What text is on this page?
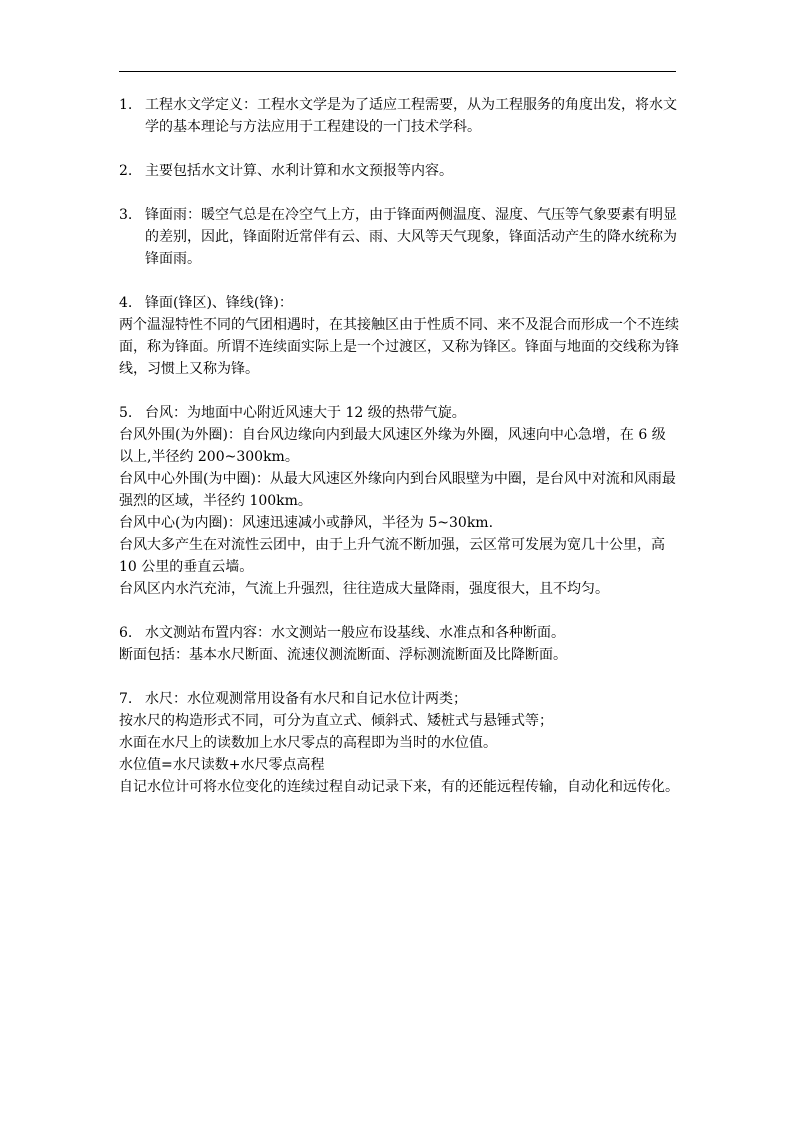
1. 工程水文学定义：工程水文学是为了适应工程需要，从为工程服务的角度出发，将水文学的基本理论与方法应用于工程建设的一门技术学科。
2. 主要包括水文计算、水利计算和水文预报等内容。
3. 锋面雨：暖空气总是在冷空气上方，由于锋面两侧温度、湿度、气压等气象要素有明显的差别，因此，锋面附近常伴有云、雨、大风等天气现象，锋面活动产生的降水统称为锋面雨。

4. 锋面(锋区)、锋线(锋)：

两个温湿特性不同的气团相遇时，在其接触区由于性质不同、来不及混合而形成一个不连续面，称为锋面。所谓不连续面实际上是一个过渡区，又称为锋区。锋面与地面的交线称为锋线，习惯上又称为锋。

5. 台风：为地面中心附近风速大于 12 级的热带气旋。

台风外围(为外圈)：自台风边缘向内到最大风速区外缘为外圈，风速向中心急增，在 6 级以上,半径约 200~300km。

台风中心外围(为中圈)：从最大风速区外缘向内到台风眼壁为中圈，是台风中对流和风雨最强烈的区域，半径约 100km。

台风中心(为内圈)：风速迅速减小或静风，半径为 5~30km.

台风大多产生在对流性云团中，由于上升气流不断加强，云区常可发展为宽几十公里，高 10 公里的垂直云墙。

台风区内水汽充沛，气流上升强烈，往往造成大量降雨，强度很大，且不均匀。

6. 水文测站布置内容：水文测站一般应布设基线、水准点和各种断面。

断面包括：基本水尺断面、流速仪测流断面、浮标测流断面及比降断面。

7. 水尺：水位观测常用设备有水尺和自记水位计两类；

按水尺的构造形式不同，可分为直立式、倾斜式、矮桩式与悬锤式等；

水面在水尺上的读数加上水尺零点的高程即为当时的水位值。

水位值=水尺读数+水尺零点高程

自记水位计可将水位变化的连续过程自动记录下来，有的还能远程传输，自动化和远传化。
